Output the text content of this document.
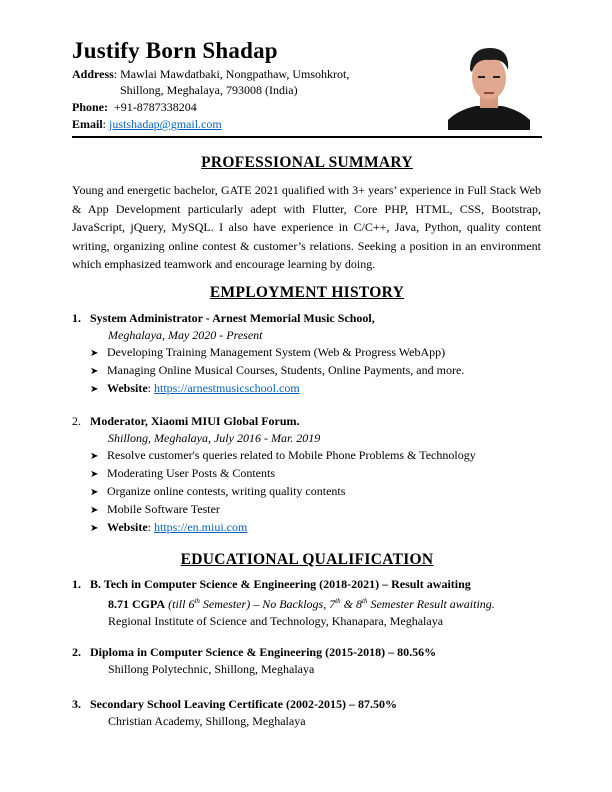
Justify Born Shadap
Address: Mawlai Mawdatbaki, Nongpathaw, Umsohkrot,
Shillong, Meghalaya, 793008 (India)
Phone: +91-8787338204
Email: justshadap@gmail.com
PROFESSIONAL SUMMARY
Young and energetic bachelor, GATE 2021 qualified with 3+ years’ experience in Full Stack Web & App Development particularly adept with Flutter, Core PHP, HTML, CSS, Bootstrap, JavaScript, jQuery, MySQL. I also have experience in C/C++, Java, Python, quality content writing, organizing online contest & customer’s relations. Seeking a position in an environment which emphasized teamwork and encourage learning by doing.
EMPLOYMENT HISTORY
1. System Administrator - Arnest Memorial Music School,
Meghalaya, May 2020 - Present
➤ Developing Training Management System (Web & Progress WebApp)
➤ Managing Online Musical Courses, Students, Online Payments, and more.
➤ Website: https://arnestmusicschool.com
2. Moderator, Xiaomi MIUI Global Forum.
Shillong, Meghalaya, July 2016 - Mar. 2019
➤ Resolve customer's queries related to Mobile Phone Problems & Technology
➤ Moderating User Posts & Contents
➤ Organize online contests, writing quality contents
➤ Mobile Software Tester
➤ Website: https://en.miui.com
EDUCATIONAL QUALIFICATION
1. B. Tech in Computer Science & Engineering (2018-2021) – Result awaiting
8.71 CGPA (till 6th Semester) – No Backlogs, 7th & 8th Semester Result awaiting.
Regional Institute of Science and Technology, Khanapara, Meghalaya
2. Diploma in Computer Science & Engineering (2015-2018) – 80.56%
Shillong Polytechnic, Shillong, Meghalaya
3. Secondary School Leaving Certificate (2002-2015) – 87.50%
Christian Academy, Shillong, Meghalaya
